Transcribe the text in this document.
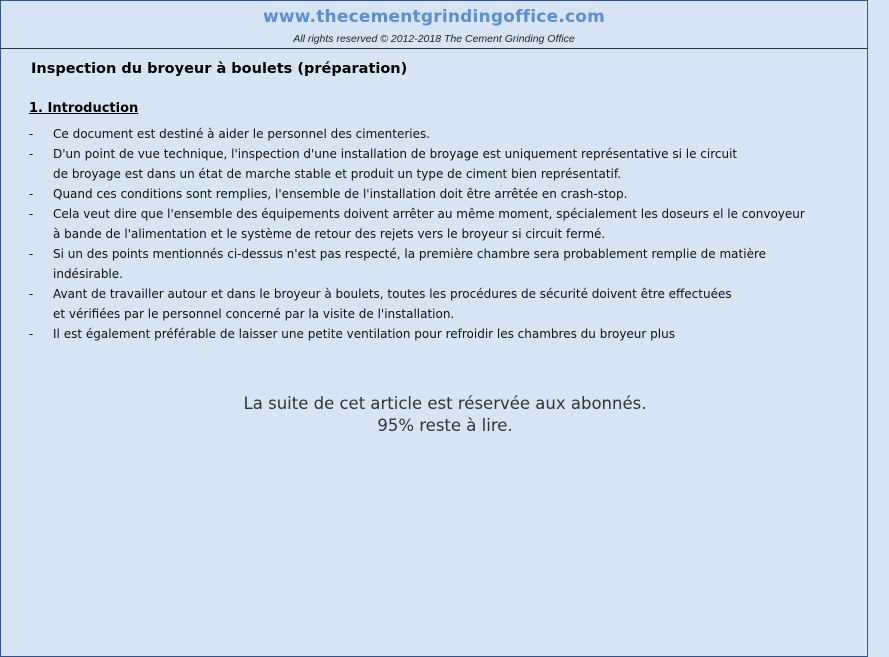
www.thecementgrindingoffice.com
All rights reserved © 2012-2018 The Cement Grinding Office
Inspection du broyeur à boulets (préparation)
1. Introduction
- Ce document est destiné à aider le personnel des cimenteries.
- D'un point de vue technique, l'inspection d'une installation de broyage est uniquement représentative si le circuit
de broyage est dans un état de marche stable et produit un type de ciment bien représentatif.
- Quand ces conditions sont remplies, l'ensemble de l'installation doit être arrêtée en crash-stop.
- Cela veut dire que l'ensemble des équipements doivent arrêter au même moment, spécialement les doseurs el le convoyeur
à bande de l'alimentation et le système de retour des rejets vers le broyeur si circuit fermé.
- Si un des points mentionnés ci-dessus n'est pas respecté, la première chambre sera probablement remplie de matière
indésirable.
- Avant de travailler autour et dans le broyeur à boulets, toutes les procédures de sécurité doivent être effectuées
et vérifiées par le personnel concerné par la visite de l'installation.
- Il est également préférable de laisser une petite ventilation pour refroidir les chambres du broyeur plus
La suite de cet article est réservée aux abonnés.
95% reste à lire.
